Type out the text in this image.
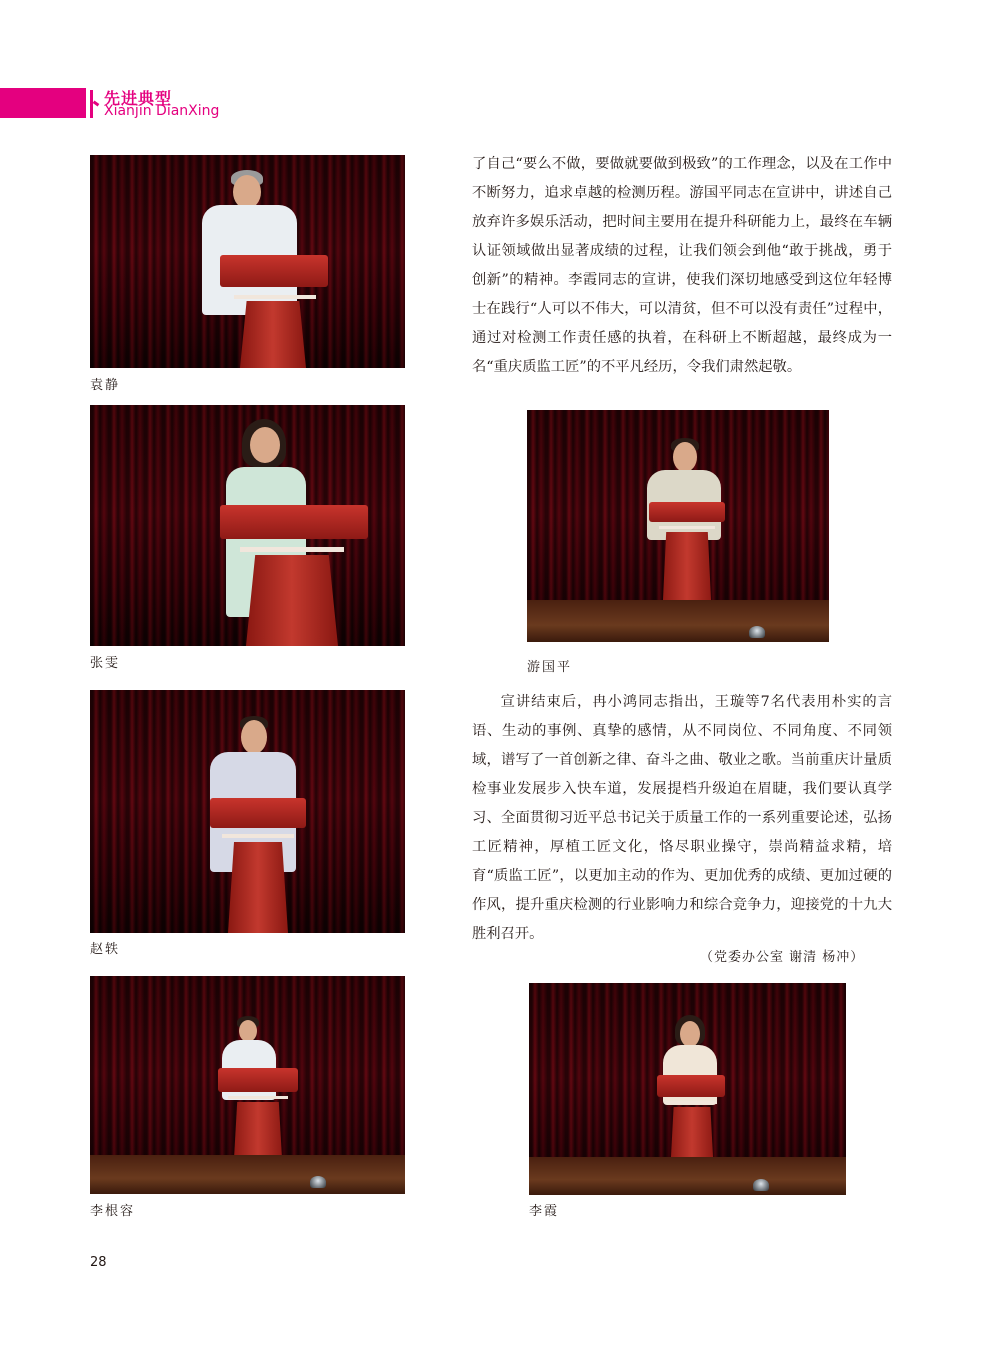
先进典型
Xianjin DianXing
袁静
张雯
赵轶
李根容
游国平
李霞

了自己“要么不做，要做就要做到极致”的工作理念，以及在工作中不断努力，追求卓越的检测历程。游国平同志在宣讲中，讲述自己放弃许多娱乐活动，把时间主要用在提升科研能力上，最终在车辆认证领域做出显著成绩的过程，让我们领会到他“敢于挑战，勇于创新”的精神。李霞同志的宣讲，使我们深切地感受到这位年轻博士在践行“人可以不伟大，可以清贫，但不可以没有责任”过程中，通过对检测工作责任感的执着，在科研上不断超越，最终成为一名“重庆质监工匠”的不平凡经历，令我们肃然起敬。

宣讲结束后，冉小鸿同志指出，王璇等7名代表用朴实的言语、生动的事例、真挚的感情，从不同岗位、不同角度、不同领域，谱写了一首创新之律、奋斗之曲、敬业之歌。当前重庆计量质检事业发展步入快车道，发展提档升级迫在眉睫，我们要认真学习、全面贯彻习近平总书记关于质量工作的一系列重要论述，弘扬工匠精神，厚植工匠文化，恪尽职业操守，崇尚精益求精，培育“质监工匠”，以更加主动的作为、更加优秀的成绩、更加过硬的作风，提升重庆检测的行业影响力和综合竞争力，迎接党的十九大胜利召开。

（党委办公室 谢清 杨冲）
28
